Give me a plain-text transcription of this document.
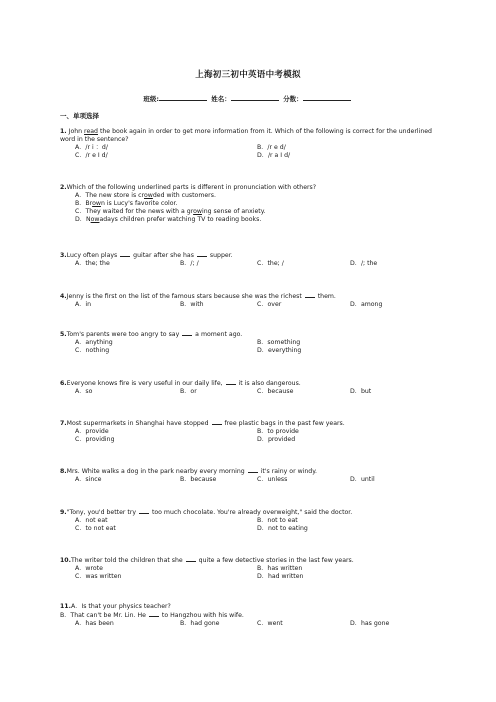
上海初三初中英语中考模拟
班级:	姓名：	分数：
一、单项选择

1. John read the book again in order to get more information from it. Which of the following is correct for the underlined word in the sentence?

A．/r i ：d/	B．/r e d/
C．/r e I d/	D．/r a I d/

2.Which of the following underlined parts is different in pronunciation with others?

A．The new store is crowded with customers.
B．Brown is Lucy's favorite color.
C．They waited for the news with a growing sense of anxiety.
D．Nowadays children prefer watching TV to reading books.

3.Lucy often plays  guitar after she has  supper.

A．the; the	B．/; /	C．the; /	D．/; the

4.Jenny is the first on the list of the famous stars because she was the richest  them.

A．in	B．with	C．over	D．among

5.Tom's parents were too angry to say  a moment ago.

A．anything	B．something
C．nothing	D．everything

6.Everyone knows fire is very useful in our daily life,  it is also dangerous.

A．so	B．or	C．because	D．but

7.Most supermarkets in Shanghai have stopped  free plastic bags in the past few years.

A．provide	B．to provide
C．providing	D．provided

8.Mrs. White walks a dog in the park nearby every morning  it's rainy or windy.

A．since	B．because	C．unless	D．until

9."Tony, you'd better try  too much chocolate. You're already overweight," said the doctor.

A．not eat	B．not to eat
C．to not eat	D．not to eating

10.The writer told the children that she  quite a few detective stories in the last few years.

A．wrote	B．has written
C．was written	D．had written

11.A．Is that your physics teacher?

B．That can't be Mr. Lin. He  to Hangzhou with his wife.

A．has been	B．had gone	C．went	D．has gone
